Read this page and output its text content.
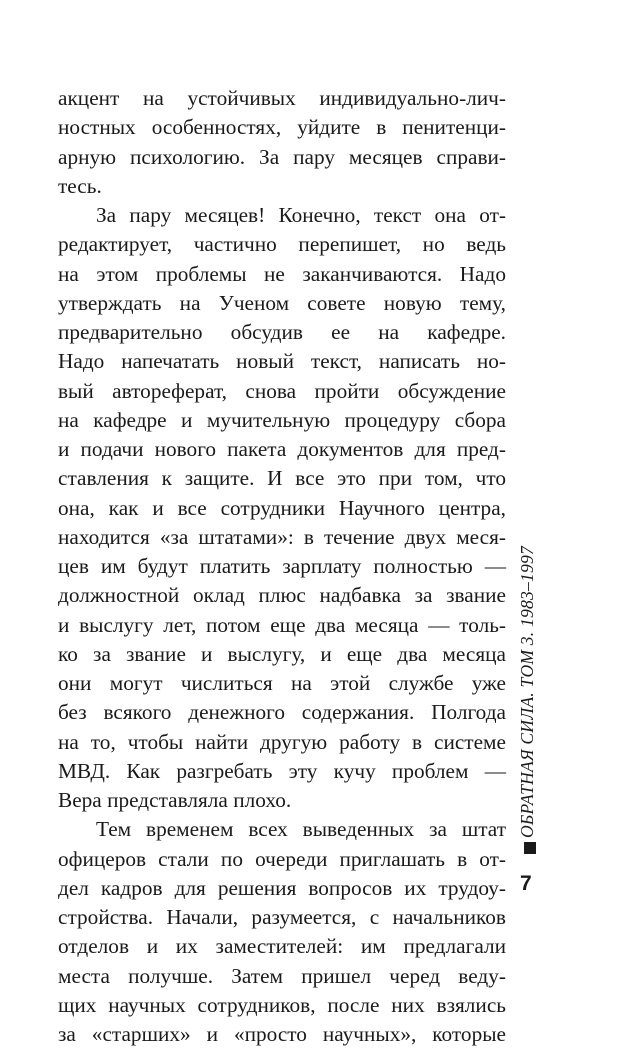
акцент на устойчивых индивидуально-лич-
ностных особенностях, уйдите в пенитенци-
арную психологию. За пару месяцев справи-
тесь.
За пару месяцев! Конечно, текст она от-
редактирует, частично перепишет, но ведь
на этом проблемы не заканчиваются. Надо
утверждать на Ученом совете новую тему,
предварительно обсудив ее на кафедре.
Надо напечатать новый текст, написать но-
вый автореферат, снова пройти обсуждение
на кафедре и мучительную процедуру сбора
и подачи нового пакета документов для пред-
ставления к защите. И все это при том, что
она, как и все сотрудники Научного центра,
находится «за штатами»: в течение двух меся-
цев им будут платить зарплату полностью —
должностной оклад плюс надбавка за звание
и выслугу лет, потом еще два месяца — толь-
ко за звание и выслугу, и еще два месяца
они могут числиться на этой службе уже
без всякого денежного содержания. Полгода
на то, чтобы найти другую работу в системе
МВД. Как разгребать эту кучу проблем —
Вера представляла плохо.
Тем временем всех выведенных за штат
офицеров стали по очереди приглашать в от-
дел кадров для решения вопросов их трудоу-
стройства. Начали, разумеется, с начальников
отделов и их заместителей: им предлагали
места получше. Затем пришел черед веду-
щих научных сотрудников, после них взялись
за «старших» и «просто научных», которые
ОБРАТНАЯ СИЛА. ТОМ 3. 1983–1997
7
